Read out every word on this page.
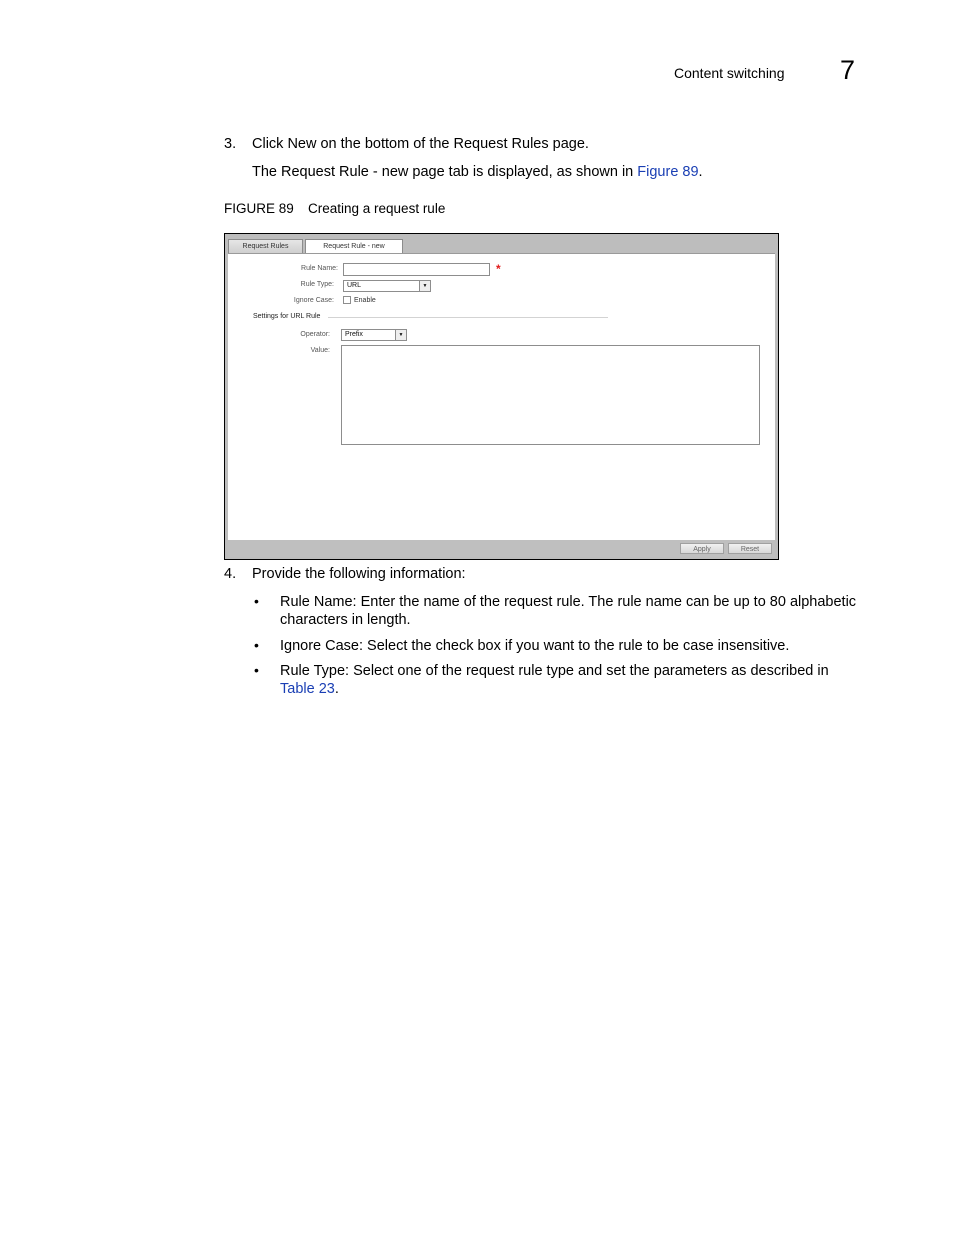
Content switching 7
3. Click New on the bottom of the Request Rules page.
The Request Rule - new page tab is displayed, as shown in Figure 89.
FIGURE 89 Creating a request rule
Request Rules	Request Rule - new
Rule Name:	*
Rule Type:	URL	▼
Ignore Case:	Enable
Settings for URL Rule
Operator:	Prefix	▼
Value:
Apply	Reset
4. Provide the following information:
• Rule Name: Enter the name of the request rule. The rule name can be up to 80 alphabetic
characters in length.
• Ignore Case: Select the check box if you want to the rule to be case insensitive.
• Rule Type: Select one of the request rule type and set the parameters as described in
Table 23.
